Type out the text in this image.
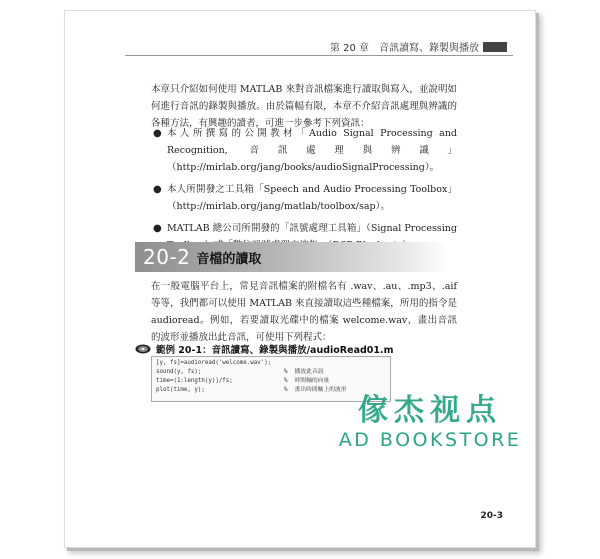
第 20 章　音訊讀寫、錄製與播放

本章只介紹如何使用 MATLAB 來對音訊檔案進行讀取與寫入，並說明如何進行音訊的錄製與播放。由於篇幅有限，本章不介紹音訊處理與辨識的各種方法，有興趣的讀者，可進一步參考下列資訊：

● 本人所撰寫的公開教材「Audio Signal Processing and Recognition, 音訊處理與辨識」（http://mirlab.org/jang/books/audioSignalProcessing）。
● 本人所開發之工具箱「Speech and Audio Processing Toolbox」（http://mirlab.org/jang/matlab/toolbox/sap）。
● MATLAB 總公司所開發的「訊號處理工具箱」（Signal Processing
20-2 音檔的讀取

在一般電腦平台上，常見音訊檔案的附檔名有 .wav、.au、.mp3、.aif 等等，我們都可以使用 MATLAB 來直接讀取這些種檔案，所用的指令是 audioread。例如，若要讀取光碟中的檔案 welcome.wav，畫出音訊的波形並播放出此音訊，可使用下列程式：

範例 20-1：音訊讀寫、錄製與播放/audioRead01.m
[y, fs]=audioread('welcome.wav');
sound(y, fs);	%  播放此音訊
time=(1:length(y))/fs;	%  時間軸的向量
plot(time, y);	%  畫出時間軸上的波形
20-3
傢杰视点
AD BOOKSTORE
